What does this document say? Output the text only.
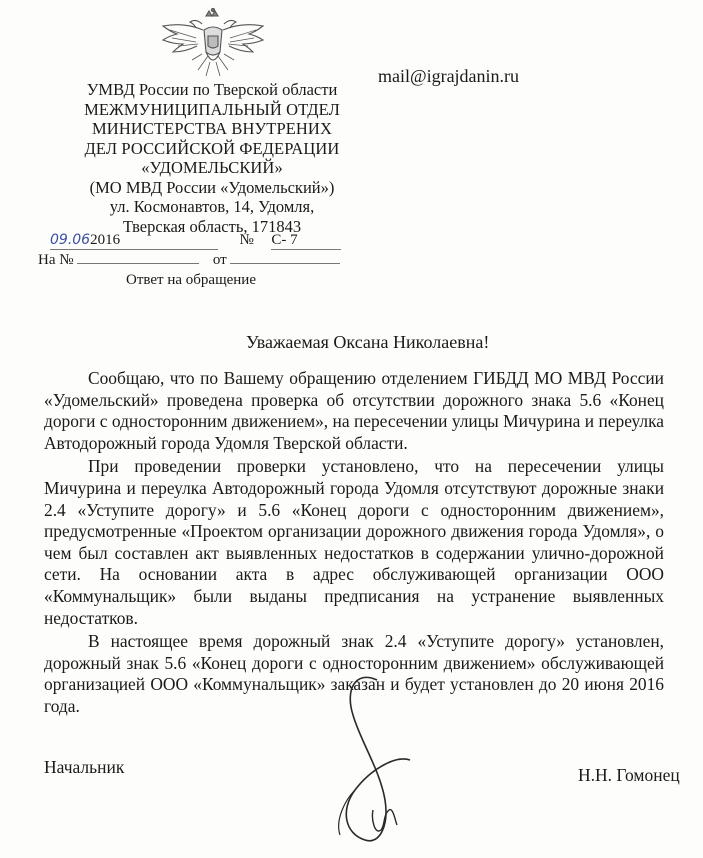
УМВД России по Тверской области
МЕЖМУНИЦИПАЛЬНЫЙ ОТДЕЛ
МИНИСТЕРСТВА ВНУТРЕНИХ
ДЕЛ РОССИЙСКОЙ ФЕДЕРАЦИИ
«УДОМЕЛЬСКИЙ»
(МО МВД России «Удомельский»)
ул. Космонавтов, 14, Удомля,
Тверская область, 171843
mail@igrajdanin.ru
09.062016	№ С- 7
На №	от
Ответ на обращение
Уважаемая Оксана Николаевна!

Сообщаю, что по Вашему обращению отделением ГИБДД МО МВД России «Удомельский» проведена проверка об отсутствии дорожного знака 5.6 «Конец дороги с односторонним движением», на пересечении улицы Мичурина и переулка Автодорожный города Удомля Тверской области.

При проведении проверки установлено, что на пересечении улицы Мичурина и переулка Автодорожный города Удомля отсутствуют дорожные знаки 2.4 «Уступите дорогу» и 5.6 «Конец дороги с односторонним движением», предусмотренные «Проектом организации дорожного движения города Удомля», о чем был составлен акт выявленных недостатков в содержании улично-дорожной сети. На основании акта в адрес обслуживающей организации ООО «Коммунальщик» были выданы предписания на устранение выявленных недостатков.

В настоящее время дорожный знак 2.4 «Уступите дорогу» установлен, дорожный знак 5.6 «Конец дороги с односторонним движением» обслуживающей организацией ООО «Коммунальщик» заказан и будет установлен до 20 июня 2016 года.

Начальник	Н.Н. Гомонец
